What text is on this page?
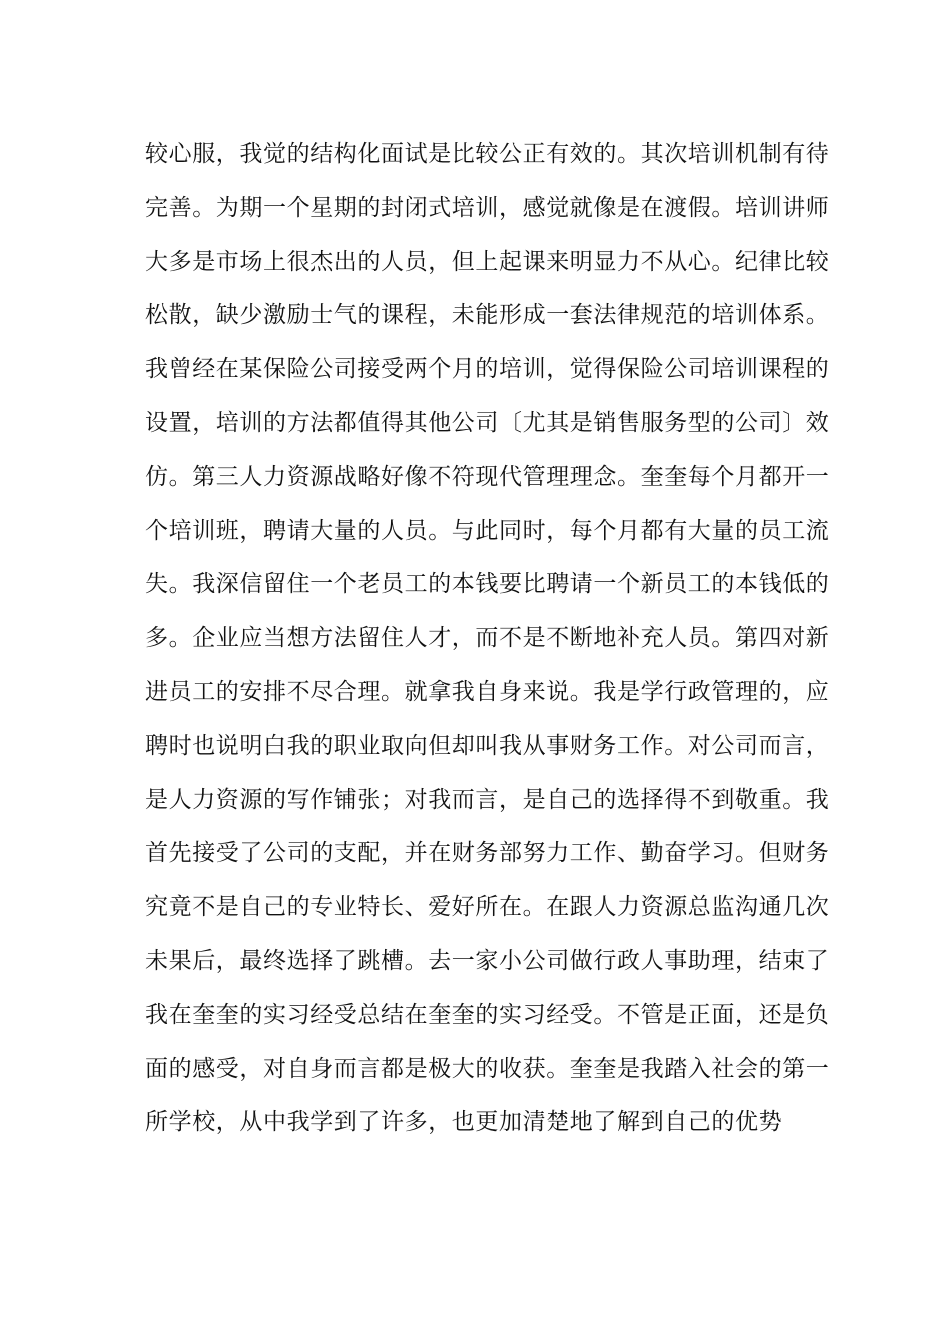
较心服，我觉的结构化面试是比较公正有效的。其次培训机制有待
完善。为期一个星期的封闭式培训，感觉就像是在渡假。培训讲师
大多是市场上很杰出的人员，但上起课来明显力不从心。纪律比较
松散，缺少激励士气的课程，未能形成一套法律规范的培训体系。
我曾经在某保险公司接受两个月的培训，觉得保险公司培训课程的
设置，培训的方法都值得其他公司〔尤其是销售服务型的公司〕效
仿。第三人力资源战略好像不符现代管理理念。奎奎每个月都开一
个培训班，聘请大量的人员。与此同时，每个月都有大量的员工流
失。我深信留住一个老员工的本钱要比聘请一个新员工的本钱低的
多。企业应当想方法留住人才，而不是不断地补充人员。第四对新
进员工的安排不尽合理。就拿我自身来说。我是学行政管理的，应
聘时也说明白我的职业取向但却叫我从事财务工作。对公司而言，
是人力资源的写作铺张；对我而言，是自己的选择得不到敬重。我
首先接受了公司的支配，并在财务部努力工作、勤奋学习。但财务
究竟不是自己的专业特长、爱好所在。在跟人力资源总监沟通几次
未果后，最终选择了跳槽。去一家小公司做行政人事助理，结束了
我在奎奎的实习经受总结在奎奎的实习经受。不管是正面，还是负
面的感受，对自身而言都是极大的收获。奎奎是我踏入社会的第一
所学校，从中我学到了许多，也更加清楚地了解到自己的优势
